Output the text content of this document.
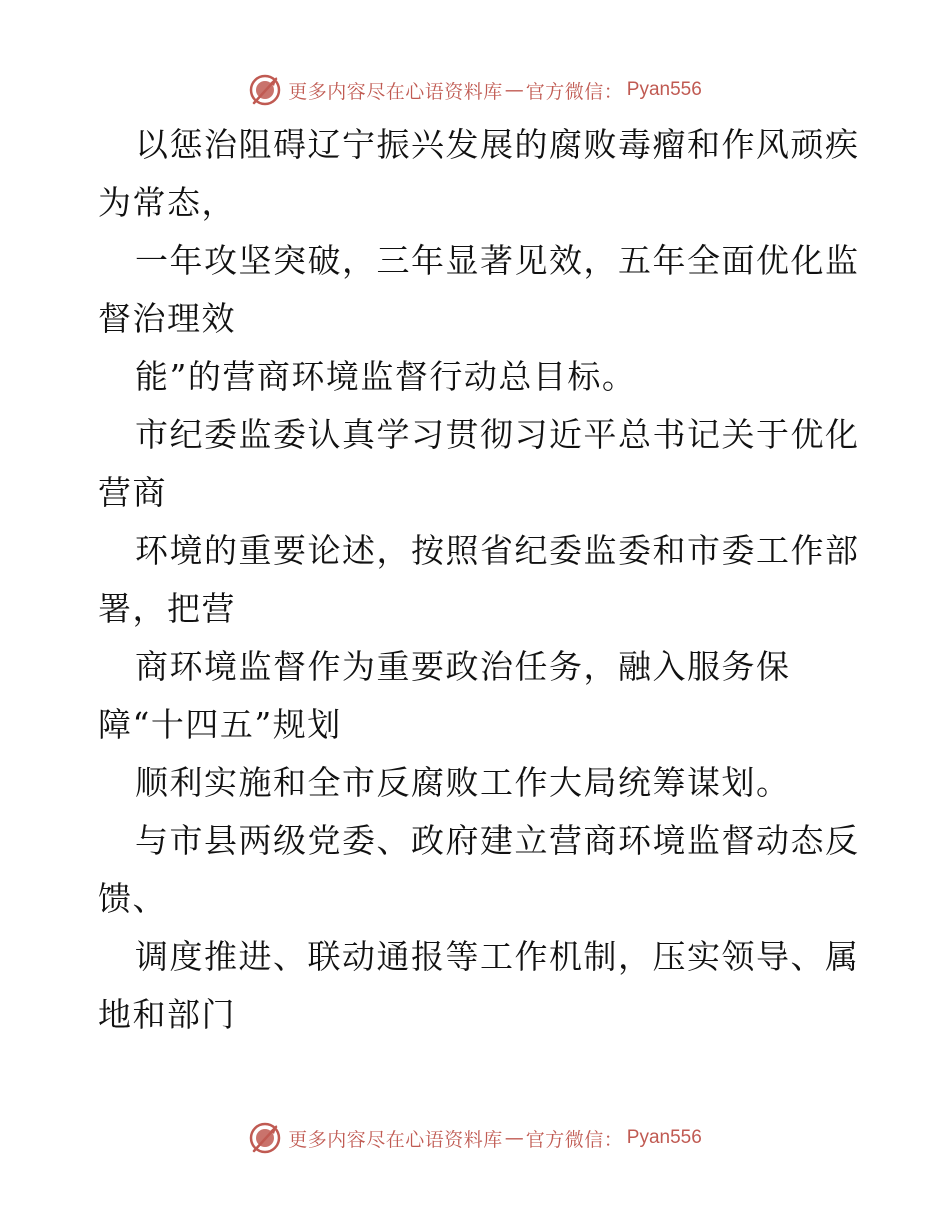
更多内容尽在心语资料库 — 官方微信 ： Pyan556
以惩治阻碍辽宁振兴发展的腐败毒瘤和作风顽疾
为常态，
一年攻坚突破，三年显著见效，五年全面优化监
督治理效
能”的营商环境监督行动总目标。
市纪委监委认真学习贯彻习近平总书记关于优化
营商
环境的重要论述，按照省纪委监委和市委工作部
署，把营
商环境监督作为重要政治任务，融入服务保
障“十四五”规划
顺利实施和全市反腐败工作大局统筹谋划。
与市县两级党委、政府建立营商环境监督动态反
馈、
调度推进、联动通报等工作机制，压实领导、属
地和部门
更多内容尽在心语资料库 — 官方微信 ： Pyan556
